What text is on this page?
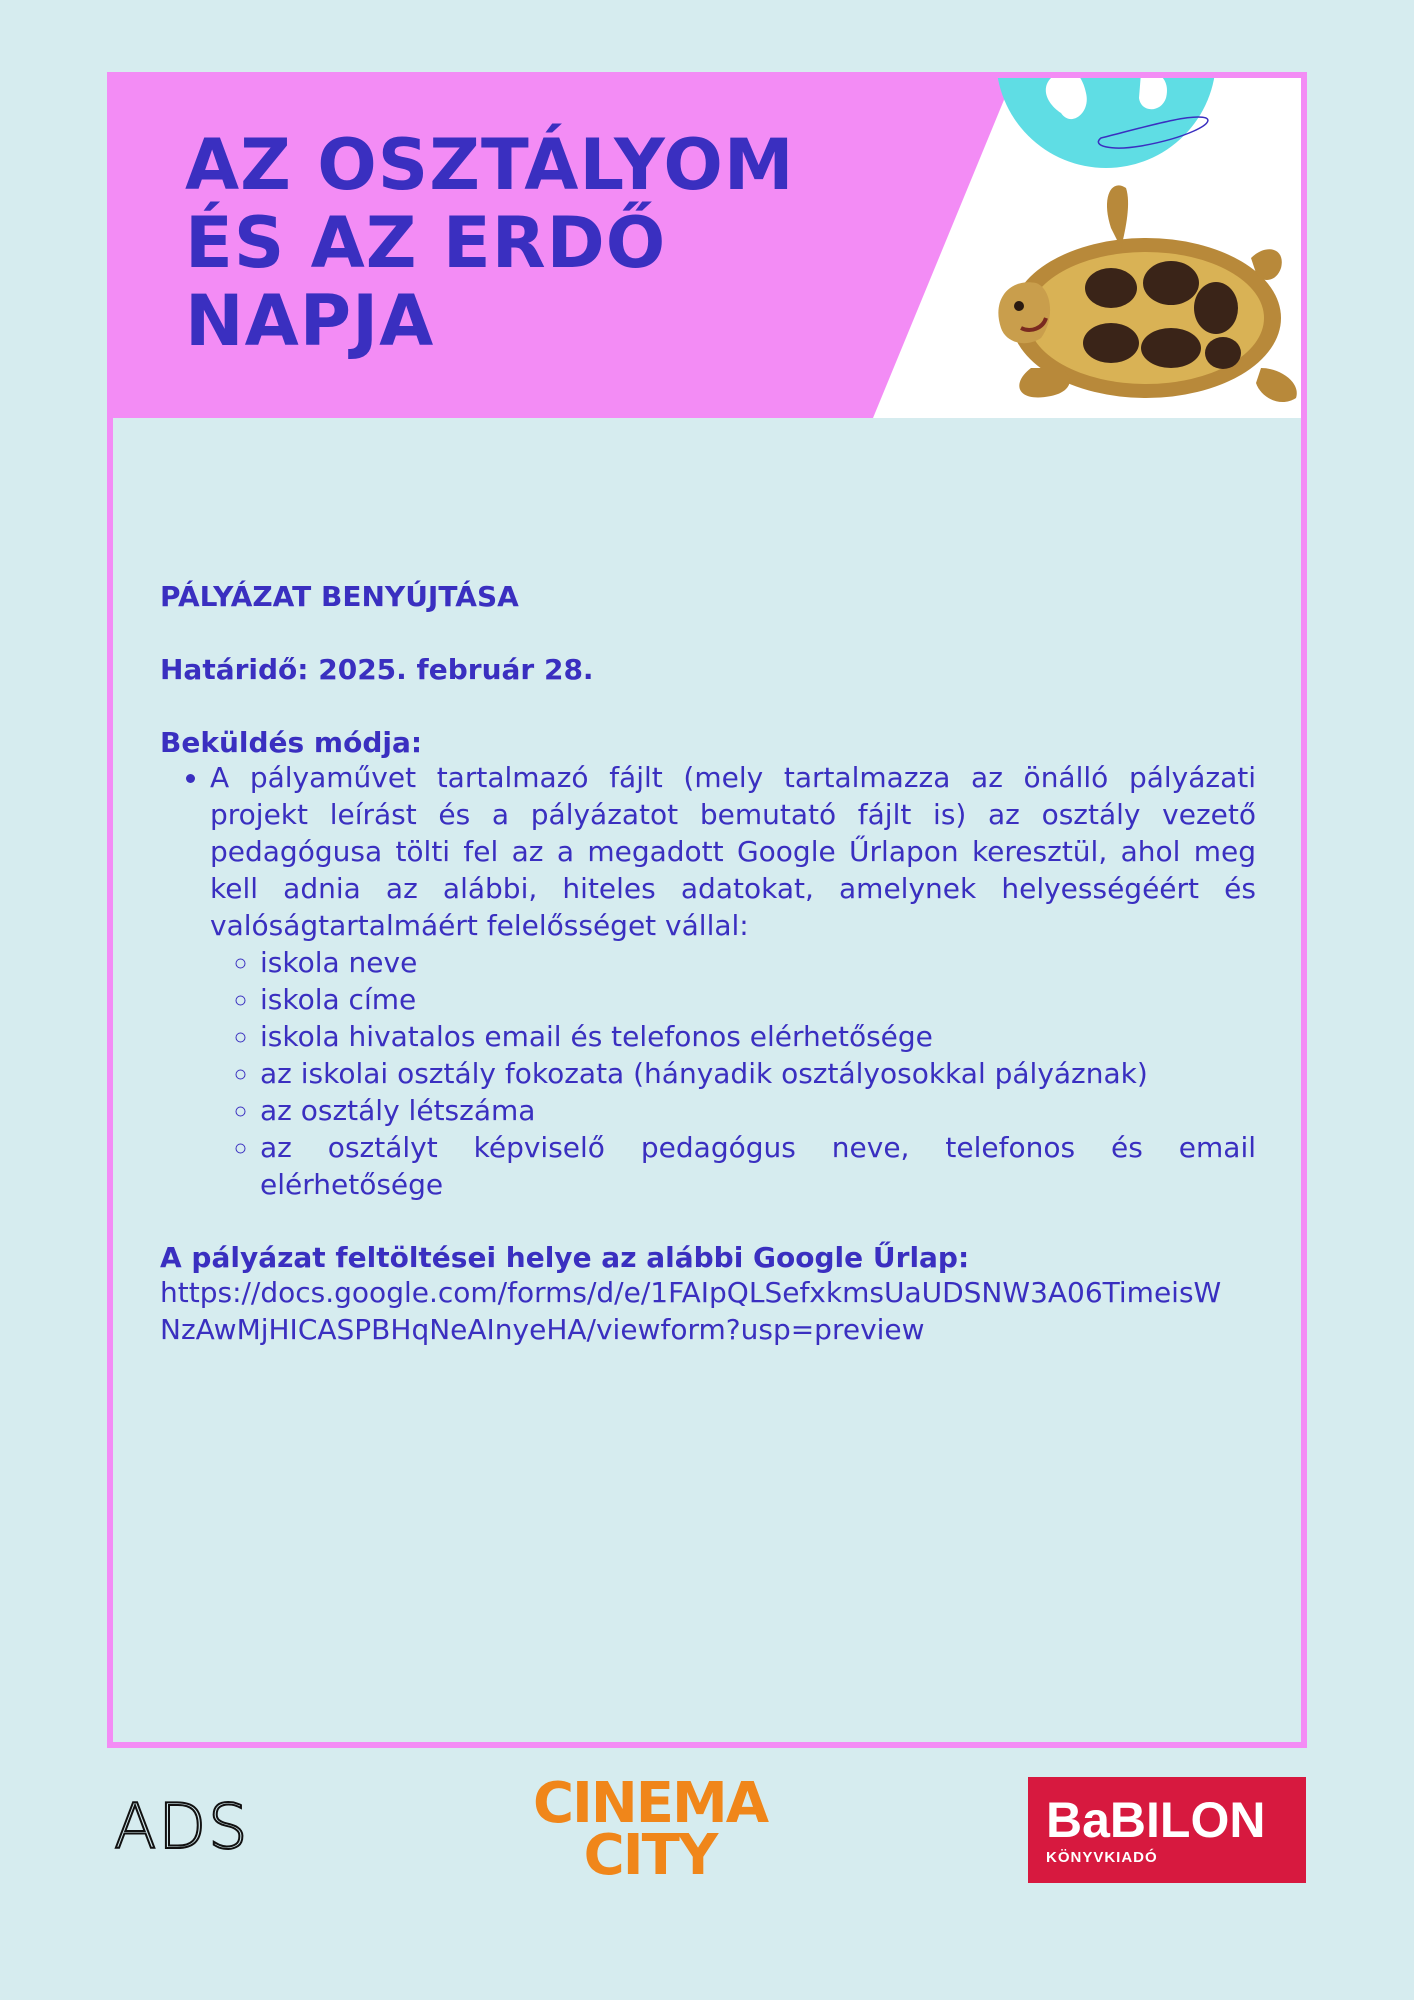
AZ OSZTÁLYOM
ÉS AZ ERDŐ
NAPJA

PÁLYÁZAT BENYÚJTÁSA

Határidő: 2025. február 28.

Beküldés módja:

• A pályaművet tartalmazó fájlt (mely tartalmazza az önálló pályázati projekt leírást és a pályázatot bemutató fájlt is) az osztály vezető pedagógusa tölti fel az a megadott Google Űrlapon keresztül, ahol meg kell adnia az alábbi, hiteles adatokat, amelynek helyességéért és valóságtartalmáért felelősséget vállal:
◦ iskola neve
◦ iskola címe
◦ iskola hivatalos email és telefonos elérhetősége
◦ az iskolai osztály fokozata (hányadik osztályosokkal pályáznak)
◦ az osztály létszáma
◦ az osztályt képviselő pedagógus neve, telefonos és email elérhetősége

A pályázat feltöltései helye az alábbi Google Űrlap:

https://docs.google.com/forms/d/e/1FAIpQLSefxkmsUaUDSNW3A06TimeisWNzAwMjHICASPBHqNeAInyeHA/viewform?usp=preview

ADS	CINEMA
CITY
BaBILON
KÖNYVKIADÓ
